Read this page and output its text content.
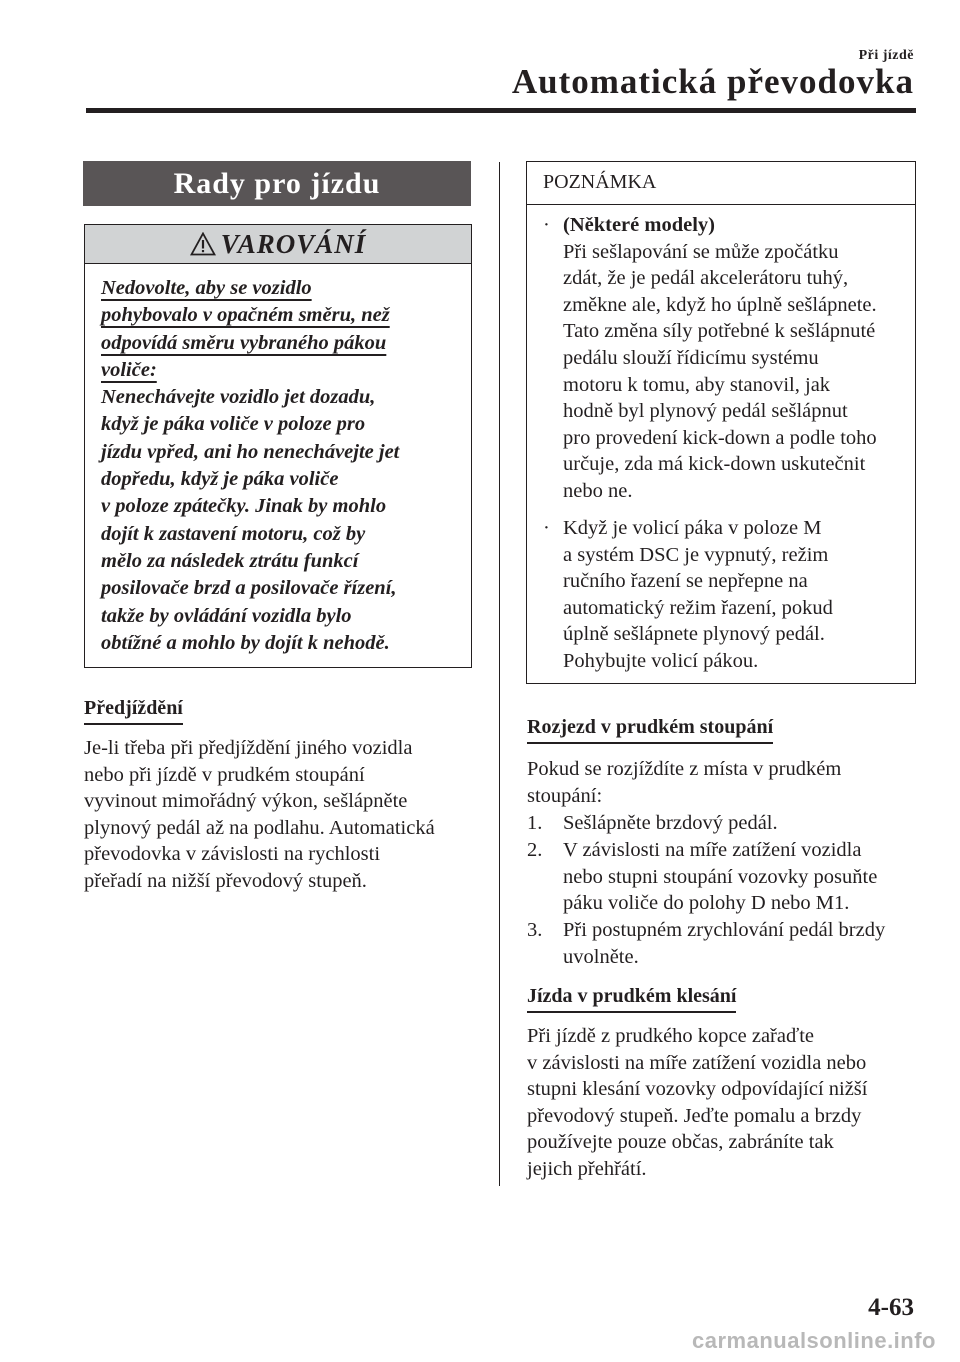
Při jízdě
Automatická převodovka
Rady pro jízdu
VAROVÁNÍ
Nedovolte, aby se vozidlo
pohybovalo v opačném směru, než
odpovídá směru vybraného pákou
voliče:
Nenechávejte vozidlo jet dozadu,
když je páka voliče v poloze pro
jízdu vpřed, ani ho nenechávejte jet
dopředu, když je páka voliče
v poloze zpátečky. Jinak by mohlo
dojít k zastavení motoru, což by
mělo za následek ztrátu funkcí
posilovače brzd a posilovače řízení,
takže by ovládání vozidla bylo
obtížné a mohlo by dojít k nehodě.
Předjíždění
Je-li třeba při předjíždění jiného vozidla
nebo při jízdě v prudkém stoupání
vyvinout mimořádný výkon, sešlápněte
plynový pedál až na podlahu. Automatická
převodovka v závislosti na rychlosti
přeřadí na nižší převodový stupeň.
POZNÁMKA
· (Některé modely)
Při sešlapování se může zpočátku
zdát, že je pedál akcelerátoru tuhý,
změkne ale, když ho úplně sešlápnete.
Tato změna síly potřebné k sešlápnuté
pedálu slouží řídicímu systému
motoru k tomu, aby stanovil, jak
hodně byl plynový pedál sešlápnut
pro provedení kick-down a podle toho
určuje, zda má kick-down uskutečnit
nebo ne.
· Když je volicí páka v poloze M
a systém DSC je vypnutý, režim
ručního řazení se nepřepne na
automatický režim řazení, pokud
úplně sešlápnete plynový pedál.
Pohybujte volicí pákou.
Rozjezd v prudkém stoupání
Pokud se rozjíždíte z místa v prudkém
stoupání:
1. Sešlápněte brzdový pedál.
2. V závislosti na míře zatížení vozidla
nebo stupni stoupání vozovky posuňte
páku voliče do polohy D nebo M1.
3. Při postupném zrychlování pedál brzdy
uvolněte.
Jízda v prudkém klesání
Při jízdě z prudkého kopce zařaďte
v závislosti na míře zatížení vozidla nebo
stupni klesání vozovky odpovídající nižší
převodový stupeň. Jeďte pomalu a brzdy
používejte pouze občas, zabráníte tak
jejich přehřátí.
4-63
carmanualsonline.info
